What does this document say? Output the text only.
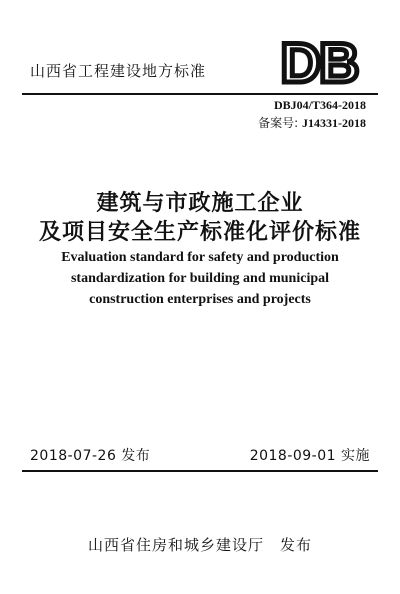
山西省工程建设地方标准 DB
DBJ04/T364-2018
备案号: J14331-2018
建筑与市政施工企业
及项目安全生产标准化评价标准
Evaluation standard for safety and production
standardization for building and municipal
construction enterprises and projects
2018-07-26 发布	2018-09-01 实施
山西省住房和城乡建设厅　发布
